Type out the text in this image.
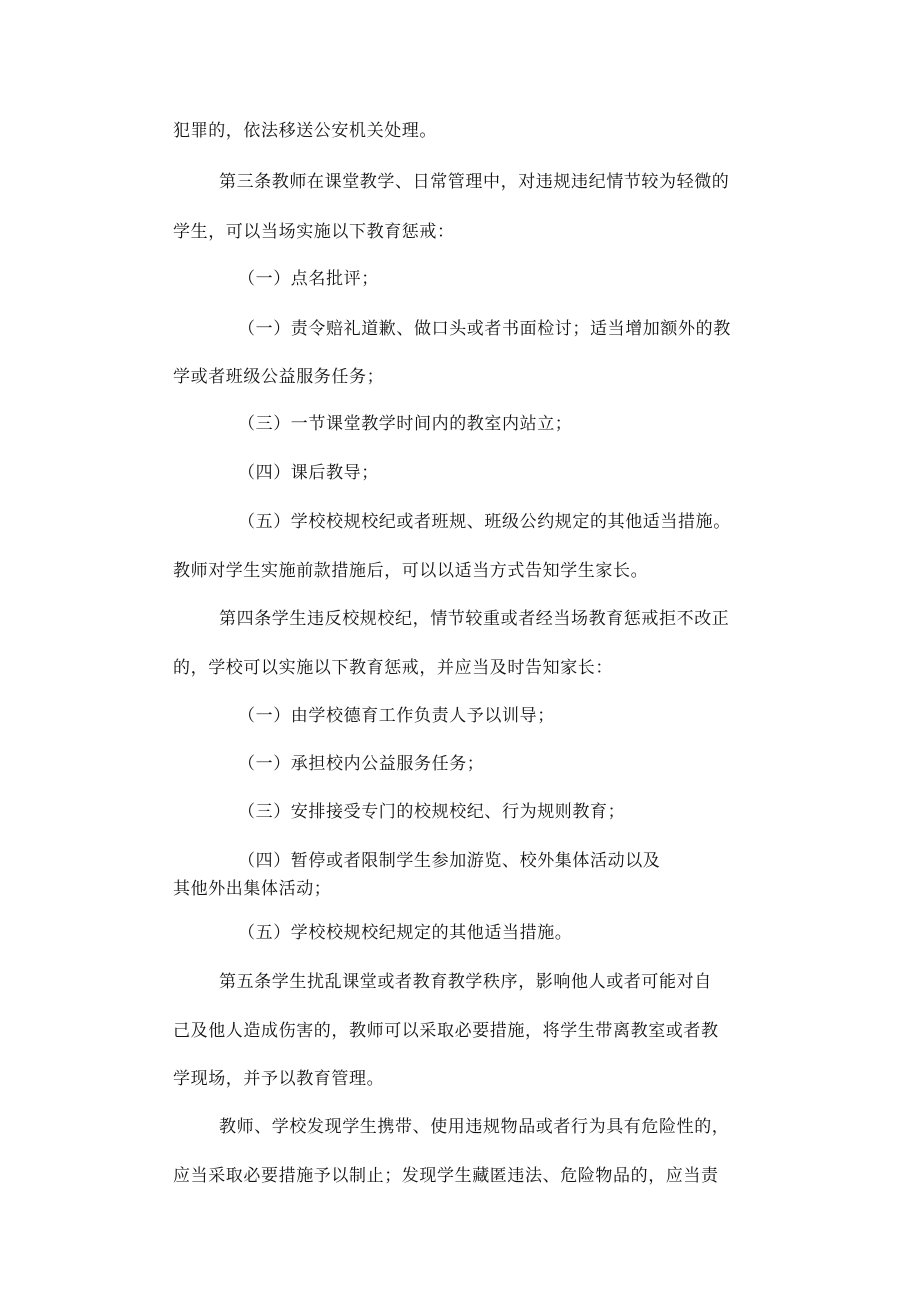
犯罪的，依法移送公安机关处理。
第三条教师在课堂教学、日常管理中，对违规违纪情节较为轻微的
学生，可以当场实施以下教育惩戒：
（一）点名批评；
（一）责令赔礼道歉、做口头或者书面检讨；适当增加额外的教
学或者班级公益服务任务；
（三）一节课堂教学时间内的教室内站立；
（四）课后教导；
（五）学校校规校纪或者班规、班级公约规定的其他适当措施。
教师对学生实施前款措施后，可以以适当方式告知学生家长。
第四条学生违反校规校纪，情节较重或者经当场教育惩戒拒不改正
的，学校可以实施以下教育惩戒，并应当及时告知家长：
（一）由学校德育工作负责人予以训导；
（一）承担校内公益服务任务；
（三）安排接受专门的校规校纪、行为规则教育；
（四）暂停或者限制学生参加游览、校外集体活动以及
其他外出集体活动；
（五）学校校规校纪规定的其他适当措施。
第五条学生扰乱课堂或者教育教学秩序，影响他人或者可能对自
己及他人造成伤害的，教师可以采取必要措施，将学生带离教室或者教
学现场，并予以教育管理。
教师、学校发现学生携带、使用违规物品或者行为具有危险性的，
应当采取必要措施予以制止；发现学生藏匿违法、危险物品的，应当责
